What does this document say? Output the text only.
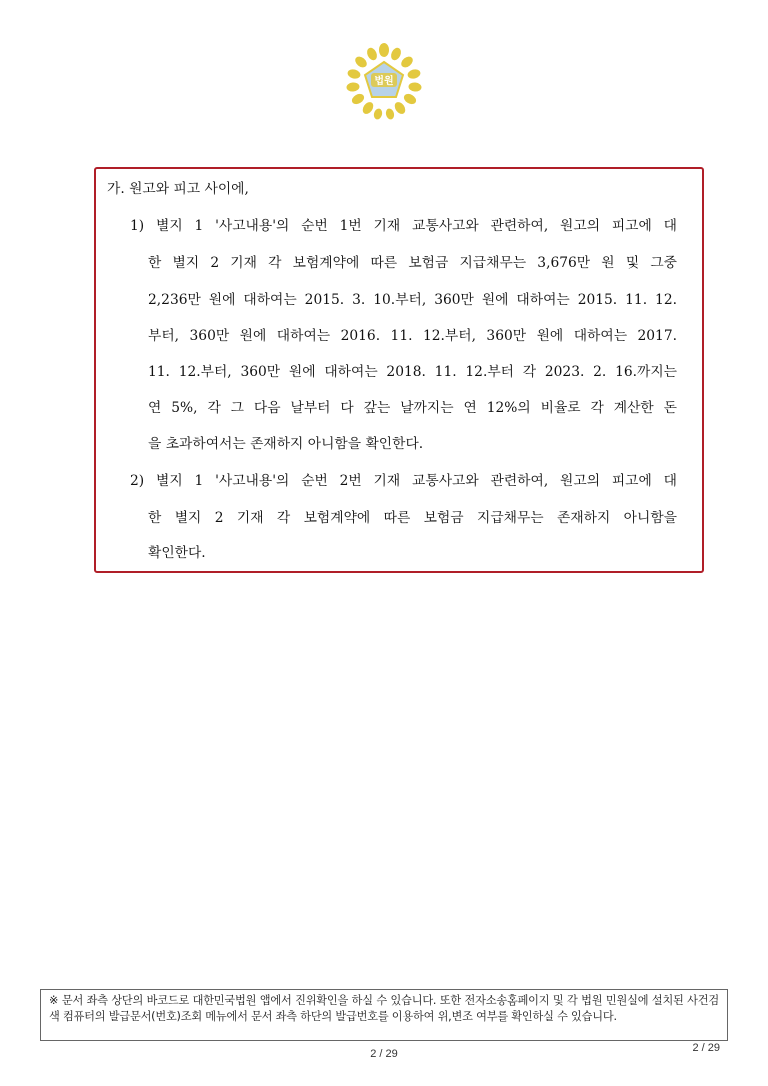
법원
가. 원고와 피고 사이에,
1) 별지 1 '사고내용'의 순번 1번 기재 교통사고와 관련하여, 원고의 피고에 대
한 별지 2 기재 각 보험계약에 따른 보험금 지급채무는 3,676만 원 및 그중
2,236만 원에 대하여는 2015. 3. 10.부터, 360만 원에 대하여는 2015. 11. 12.
부터, 360만 원에 대하여는 2016. 11. 12.부터, 360만 원에 대하여는 2017.
11. 12.부터, 360만 원에 대하여는 2018. 11. 12.부터 각 2023. 2. 16.까지는
연 5%, 각 그 다음 날부터 다 갚는 날까지는 연 12%의 비율로 각 계산한 돈
을 초과하여서는 존재하지 아니함을 확인한다.
2) 별지 1 '사고내용'의 순번 2번 기재 교통사고와 관련하여, 원고의 피고에 대
한 별지 2 기재 각 보험계약에 따른 보험금 지급채무는 존재하지 아니함을
확인한다.
※ 문서 좌측 상단의 바코드로 대한민국법원 앱에서 진위확인을 하실 수 있습니다. 또한 전자소송홈페이지 및 각 법원 민원실에 설치된 사건검색 컴퓨터의 발급문서(번호)조회 메뉴에서 문서 좌측 하단의 발급번호를 이용하여 위,변조 여부를 확인하실 수 있습니다.
2 / 29	2 / 29
